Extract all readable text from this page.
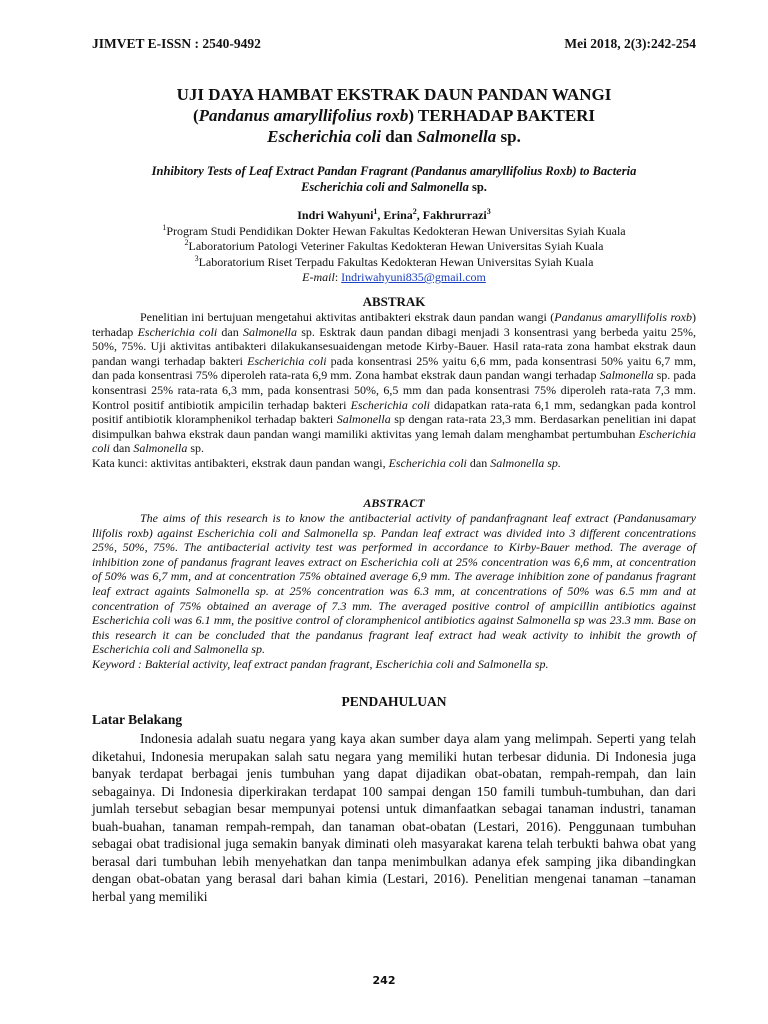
JIMVET E-ISSN : 2540-9492	Mei 2018, 2(3):242-254
UJI DAYA HAMBAT EKSTRAK DAUN PANDAN WANGI
(Pandanus amaryllifolius roxb) TERHADAP BAKTERI
Escherichia coli dan Salmonella sp.
Inhibitory Tests of Leaf Extract Pandan Fragrant (Pandanus amaryllifolius Roxb) to Bacteria
Escherichia coli and Salmonella sp.
Indri Wahyuni$^1$, Erina$^2$, Fakhrurrazi$^3$
$^1$Program Studi Pendidikan Dokter Hewan Fakultas Kedokteran Hewan Universitas Syiah Kuala
$^2$Laboratorium Patologi Veteriner Fakultas Kedokteran Hewan Universitas Syiah Kuala
$^3$Laboratorium Riset Terpadu Fakultas Kedokteran Hewan Universitas Syiah Kuala
E-mail: Indriwahyuni835@gmail.com
ABSTRAK

Penelitian ini bertujuan mengetahui aktivitas antibakteri ekstrak daun pandan wangi (Pandanus amaryllifolis roxb) terhadap Escherichia coli dan Salmonella sp. Esktrak daun pandan dibagi menjadi 3 konsentrasi yang berbeda yaitu 25%, 50%, 75%. Uji aktivitas antibakteri dilakukansesuaidengan metode Kirby-Bauer. Hasil rata-rata zona hambat ekstrak daun pandan wangi terhadap bakteri Escherichia coli pada konsentrasi 25% yaitu 6,6 mm, pada konsentrasi 50% yaitu 6,7 mm, dan pada konsentrasi 75% diperoleh rata-rata 6,9 mm. Zona hambat ekstrak daun pandan wangi terhadap Salmonella sp. pada konsentrasi 25% rata-rata 6,3 mm, pada konsentrasi 50%, 6,5 mm dan pada konsentrasi 75% diperoleh rata-rata 7,3 mm. Kontrol positif antibiotik ampicilin terhadap bakteri Escherichia coli didapatkan rata-rata 6,1 mm, sedangkan pada kontrol positif antibiotik kloramphenikol terhadap bakteri Salmonella sp dengan rata-rata 23,3 mm. Berdasarkan penelitian ini dapat disimpulkan bahwa ekstrak daun pandan wangi mamiliki aktivitas yang lemah dalam menghambat pertumbuhan Escherichia coli dan Salmonella sp.

Kata kunci: aktivitas antibakteri, ekstrak daun pandan wangi, Escherichia coli dan Salmonella sp.

ABSTRACT

The aims of this research is to know the antibacterial activity of pandanfragnant leaf extract (Pandanusamary llifolis roxb) against Escherichia coli and Salmonella sp. Pandan leaf extract was divided into 3 different concentrations 25%, 50%, 75%. The antibacterial activity test was performed in accordance to Kirby-Bauer method. The average of inhibition zone of pandanus fragrant leaves extract on Escherichia coli at 25% concentration was 6,6 mm, at concentration of 50% was 6,7 mm, and at concentration 75% obtained average 6,9 mm. The average inhibition zone of pandanus fragrant leaf extract againts Salmonella sp. at 25% concentration was 6.3 mm, at concentrations of 50% was 6.5 mm and at concentration of 75% obtained an average of 7.3 mm. The averaged positive control of ampicillin antibiotics against Escherichia coli was 6.1 mm, the positive control of cloramphenicol antibiotics against Salmonella sp was 23.3 mm. Base on this research it can be concluded that the pandanus fragrant leaf extract had weak activity to inhibit the growth of Escherichia coli and Salmonella sp.

Keyword : Bakterial activity, leaf extract pandan fragrant, Escherichia coli and Salmonella sp.

PENDAHULUAN
Latar Belakang

Indonesia adalah suatu negara yang kaya akan sumber daya alam yang melimpah. Seperti yang telah diketahui, Indonesia merupakan salah satu negara yang memiliki hutan terbesar didunia. Di Indonesia juga banyak terdapat berbagai jenis tumbuhan yang dapat dijadikan obat-obatan, rempah-rempah, dan lain sebagainya. Di Indonesia diperkirakan terdapat 100 sampai dengan 150 famili tumbuh-tumbuhan, dan dari jumlah tersebut sebagian besar mempunyai potensi untuk dimanfaatkan sebagai tanaman industri, tanaman buah-buahan, tanaman rempah-rempah, dan tanaman obat-obatan (Lestari, 2016). Penggunaan tumbuhan sebagai obat tradisional juga semakin banyak diminati oleh masyarakat karena telah terbukti bahwa obat yang berasal dari tumbuhan lebih menyehatkan dan tanpa menimbulkan adanya efek samping jika dibandingkan dengan obat-obatan yang berasal dari bahan kimia (Lestari, 2016). Penelitian mengenai tanaman –tanaman herbal yang memiliki

242
